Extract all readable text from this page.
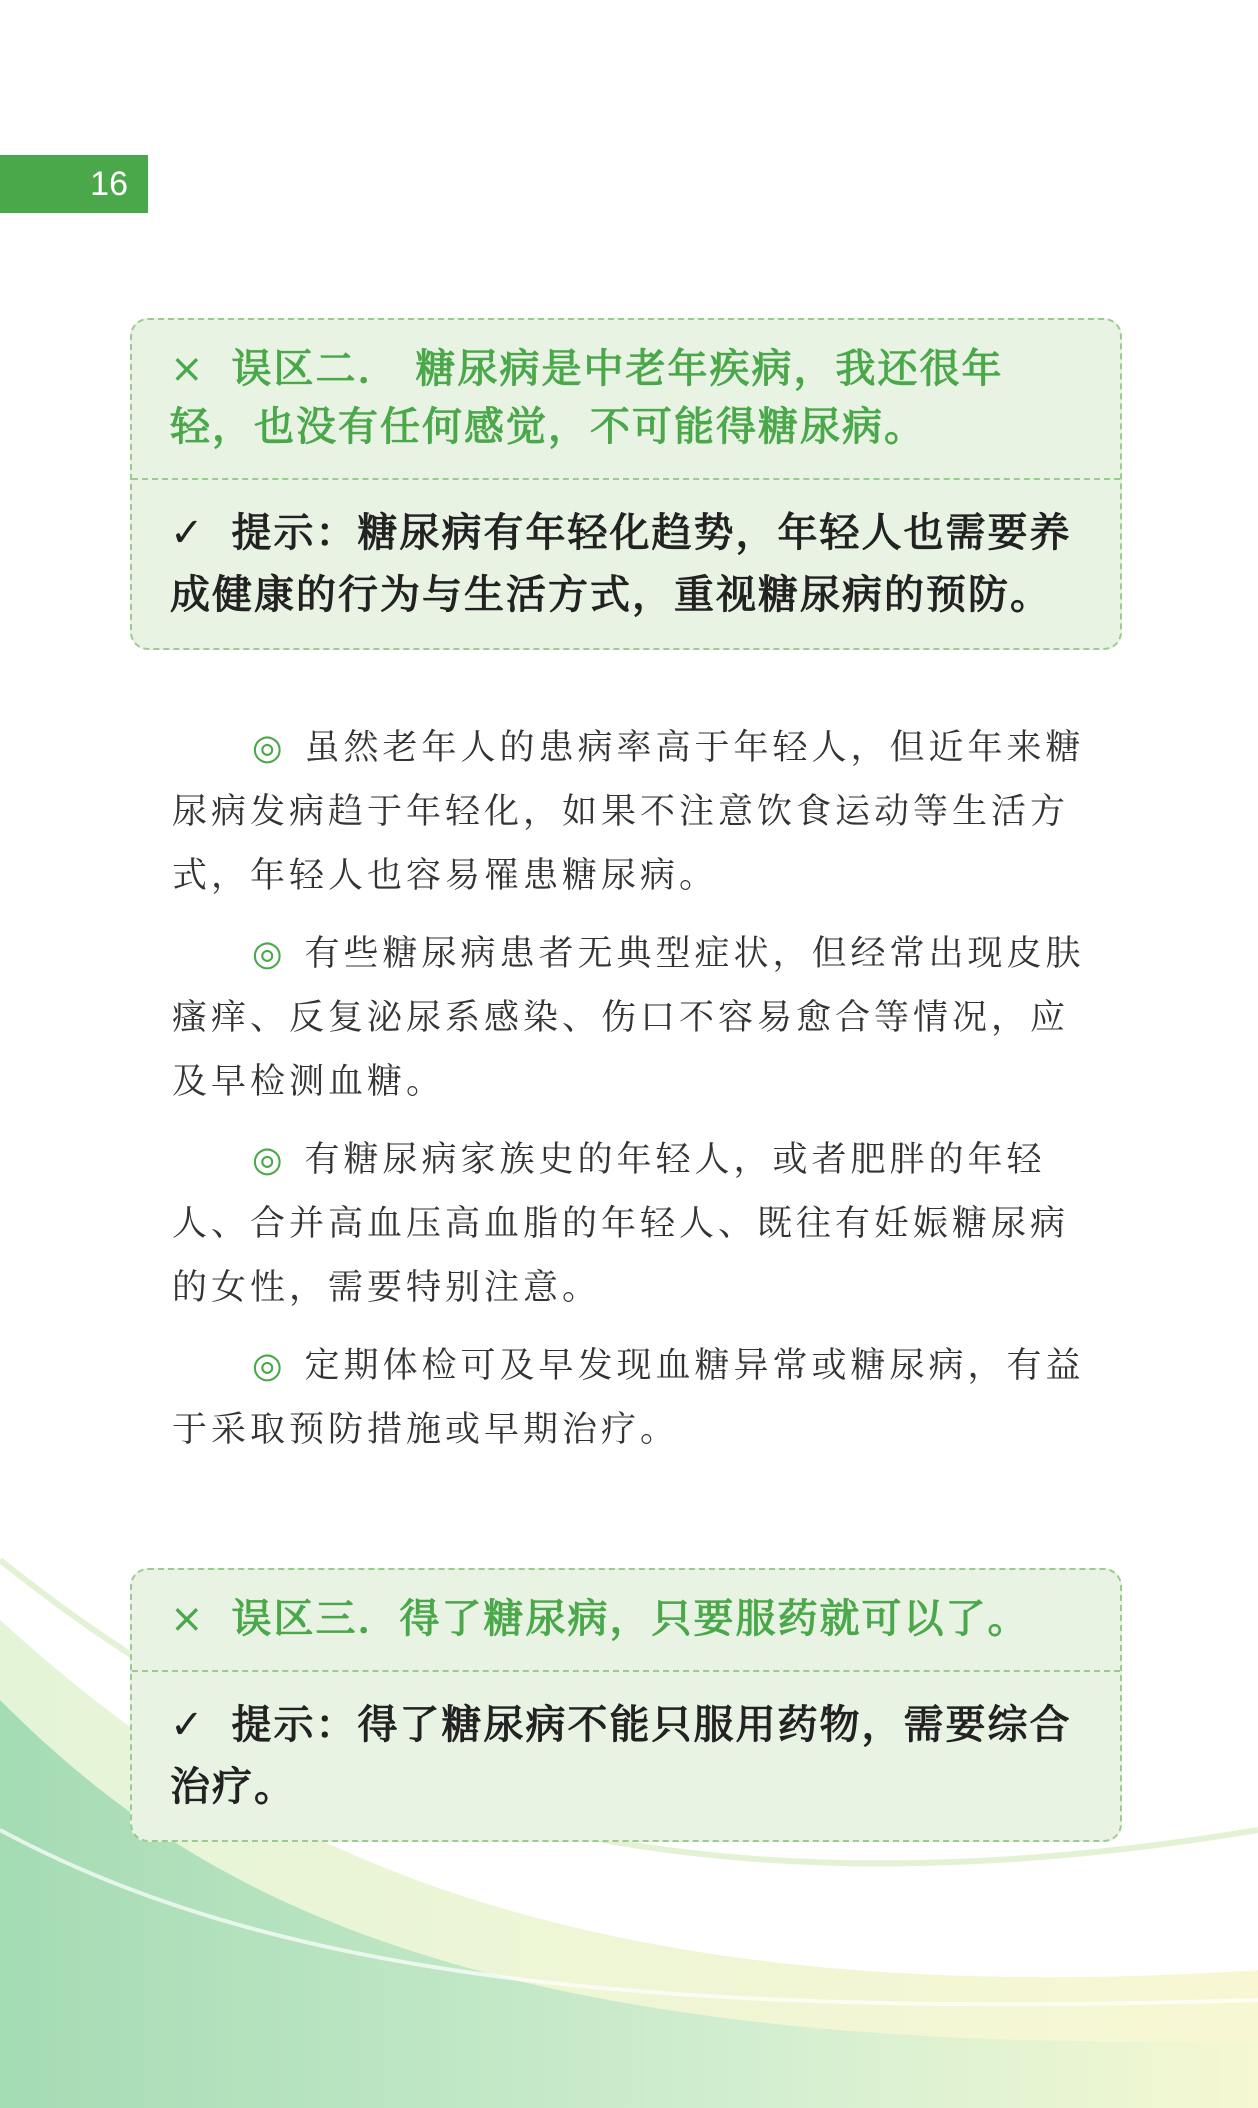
16
× 误区二． 糖尿病是中老年疾病，我还很年轻，也没有任何感觉，不可能得糖尿病。
✓ 提示：糖尿病有年轻化趋势，年轻人也需要养成健康的行为与生活方式，重视糖尿病的预防。

◎ 虽然老年人的患病率高于年轻人，但近年来糖尿病发病趋于年轻化，如果不注意饮食运动等生活方式，年轻人也容易罹患糖尿病。

◎ 有些糖尿病患者无典型症状，但经常出现皮肤瘙痒、反复泌尿系感染、伤口不容易愈合等情况，应及早检测血糖。

◎ 有糖尿病家族史的年轻人，或者肥胖的年轻人、合并高血压高血脂的年轻人、既往有妊娠糖尿病的女性，需要特别注意。

◎ 定期体检可及早发现血糖异常或糖尿病，有益于采取预防措施或早期治疗。

× 误区三．得了糖尿病，只要服药就可以了。
✓ 提示：得了糖尿病不能只服用药物，需要综合治疗。
